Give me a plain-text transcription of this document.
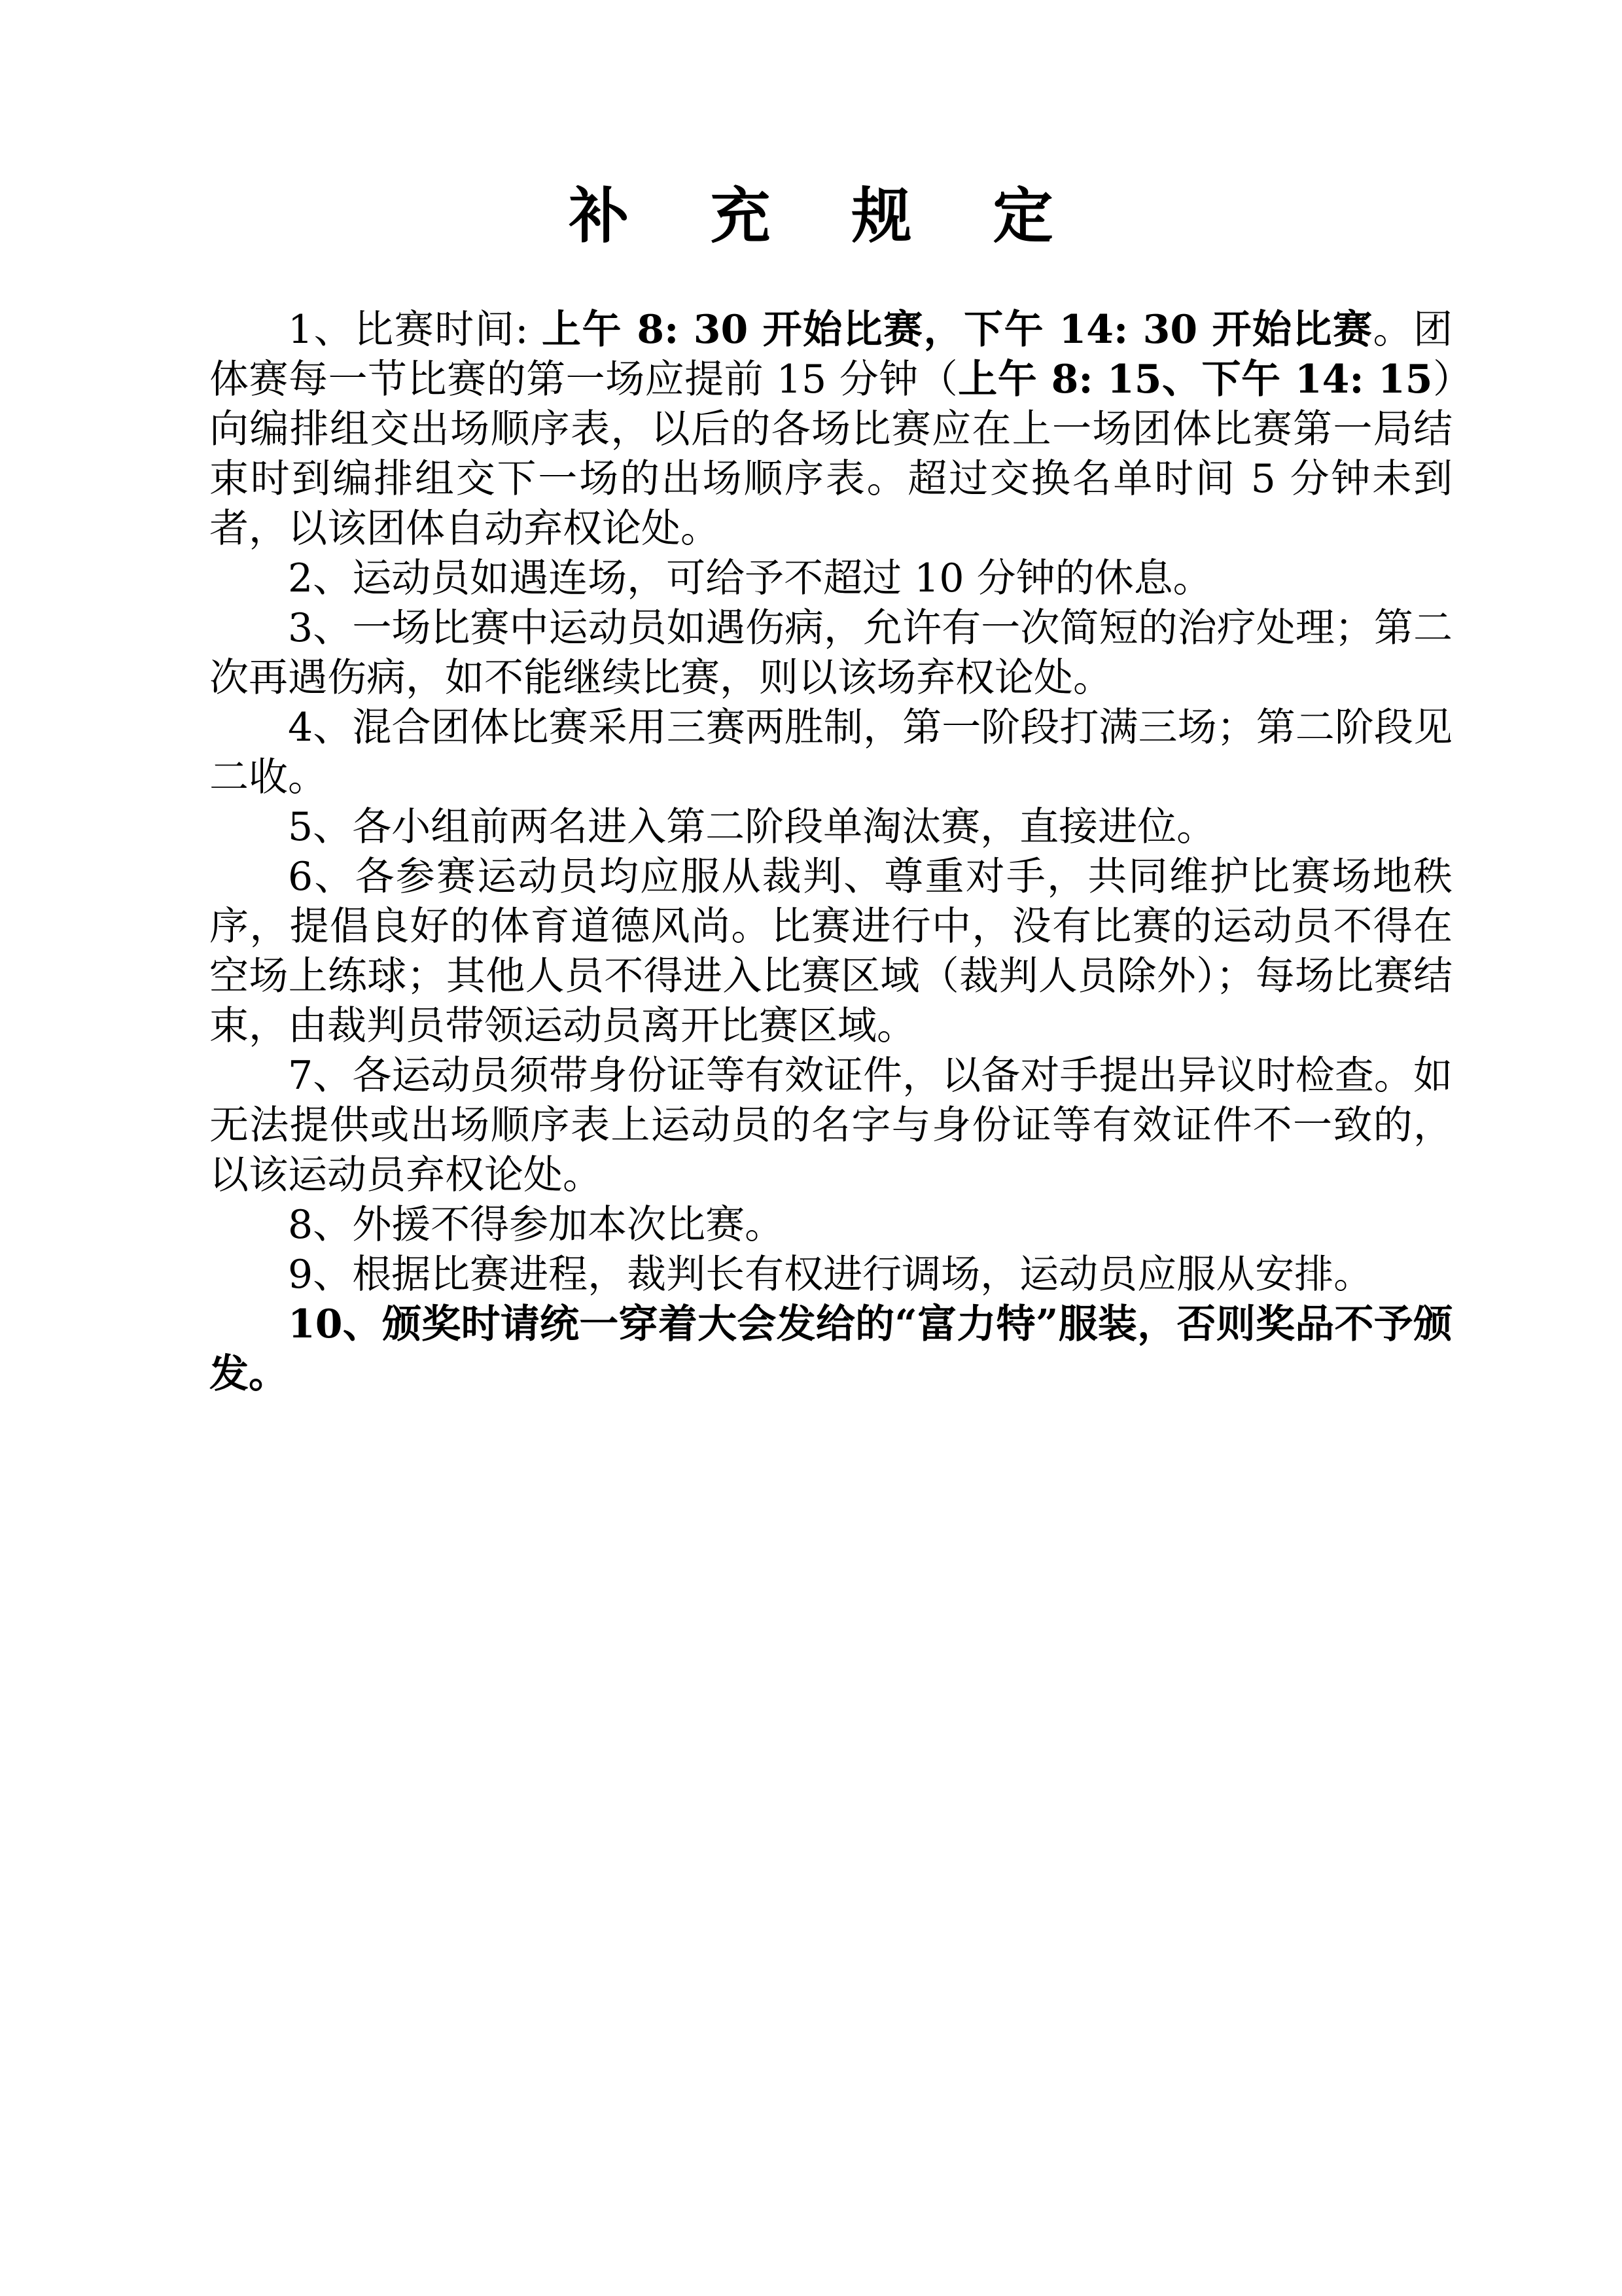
补 充 规 定

1、比赛时间: 上午 8: 30 开始比赛，下午 14: 30 开始比赛。团体赛每一节比赛的第一场应提前 15 分钟（上午 8: 15、下午 14: 15）向编排组交出场顺序表，以后的各场比赛应在上一场团体比赛第一局结束时到编排组交下一场的出场顺序表。超过交换名单时间 5 分钟未到者，以该团体自动弃权论处。

2、运动员如遇连场，可给予不超过 10 分钟的休息。

3、一场比赛中运动员如遇伤病，允许有一次简短的治疗处理；第二次再遇伤病，如不能继续比赛，则以该场弃权论处。

4、混合团体比赛采用三赛两胜制，第一阶段打满三场；第二阶段见二收。

5、各小组前两名进入第二阶段单淘汰赛，直接进位。

6、各参赛运动员均应服从裁判、尊重对手，共同维护比赛场地秩序，提倡良好的体育道德风尚。比赛进行中，没有比赛的运动员不得在空场上练球；其他人员不得进入比赛区域（裁判人员除外）；每场比赛结束，由裁判员带领运动员离开比赛区域。

7、各运动员须带身份证等有效证件，以备对手提出异议时检查。如无法提供或出场顺序表上运动员的名字与身份证等有效证件不一致的，以该运动员弃权论处。

8、外援不得参加本次比赛。

9、根据比赛进程，裁判长有权进行调场，运动员应服从安排。

10、颁奖时请统一穿着大会发给的“富力特”服装，否则奖品不予颁发。
